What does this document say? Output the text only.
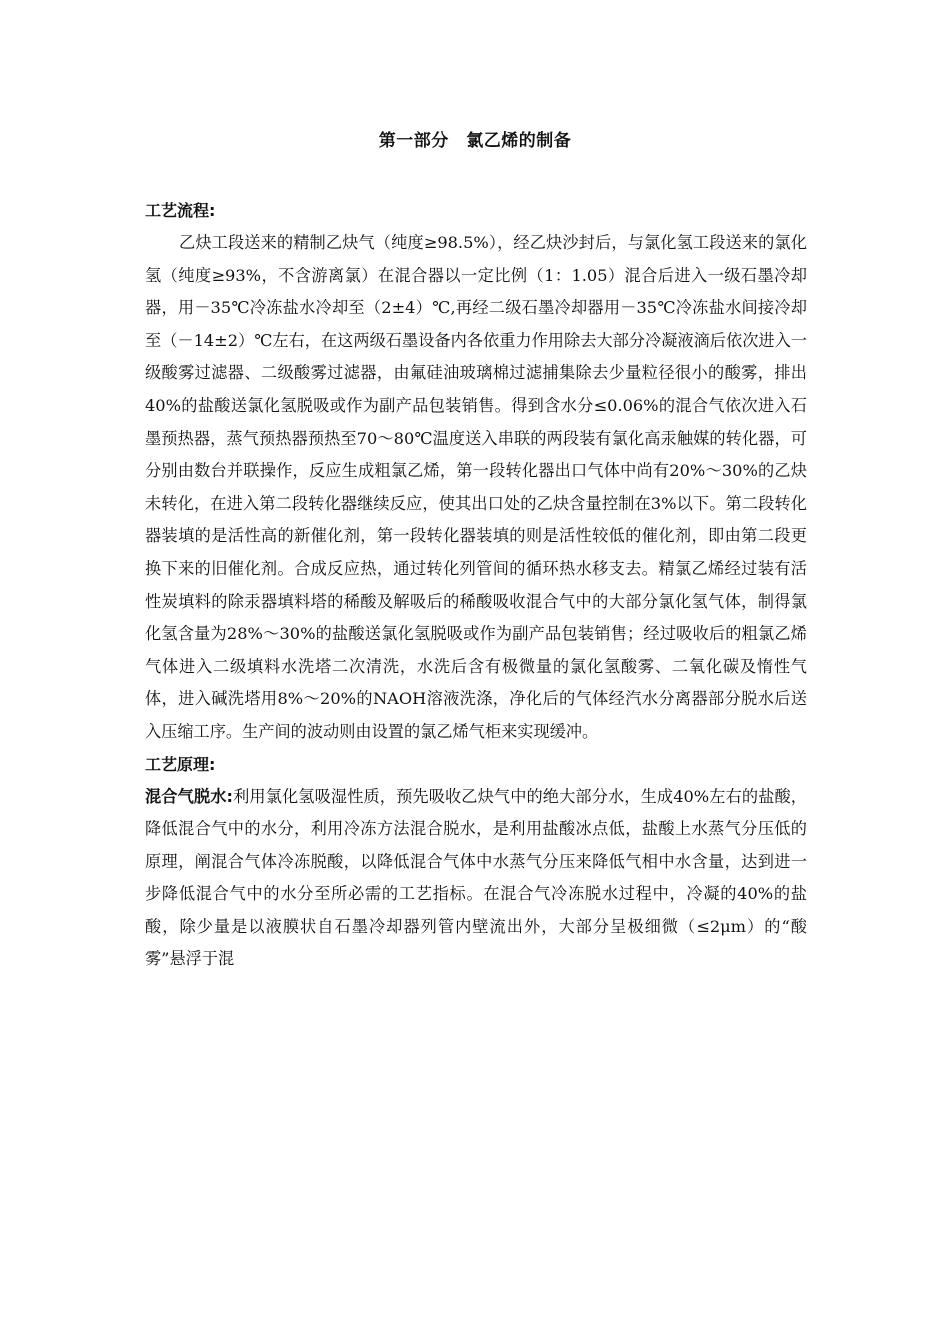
第一部分　氯乙烯的制备
工艺流程:

乙炔工段送来的精制乙炔气（纯度≥98.5%），经乙炔沙封后，与氯化氢工段送来的氯化氢（纯度≥93%，不含游离氯）在混合器以一定比例（1：1.05）混合后进入一级石墨冷却器，用－35℃冷冻盐水冷却至（2±4）℃,再经二级石墨冷却器用－35℃冷冻盐水间接冷却至（－14±2）℃左右，在这两级石墨设备内各依重力作用除去大部分冷凝液滴后依次进入一级酸雾过滤器、二级酸雾过滤器，由氟硅油玻璃棉过滤捕集除去少量粒径很小的酸雾，排出40%的盐酸送氯化氢脱吸或作为副产品包装销售。得到含水分≤0.06%的混合气依次进入石墨预热器，蒸气预热器预热至70～80℃温度送入串联的两段装有氯化高汞触媒的转化器，可分别由数台并联操作，反应生成粗氯乙烯，第一段转化器出口气体中尚有20%～30%的乙炔未转化，在进入第二段转化器继续反应，使其出口处的乙炔含量控制在3%以下。第二段转化器装填的是活性高的新催化剂，第一段转化器装填的则是活性较低的催化剂，即由第二段更换下来的旧催化剂。合成反应热，通过转化列管间的循环热水移支去。精氯乙烯经过装有活性炭填料的除汞器填料塔的稀酸及解吸后的稀酸吸收混合气中的大部分氯化氢气体，制得氯化氢含量为28%～30%的盐酸送氯化氢脱吸或作为副产品包装销售；经过吸收后的粗氯乙烯气体进入二级填料水洗塔二次清洗，水洗后含有极微量的氯化氢酸雾、二氧化碳及惰性气体，进入碱洗塔用8%～20%的NAOH溶液洗涤，净化后的气体经汽水分离器部分脱水后送入压缩工序。生产间的波动则由设置的氯乙烯气柜来实现缓冲。

工艺原理:

混合气脱水:利用氯化氢吸湿性质，预先吸收乙炔气中的绝大部分水，生成40%左右的盐酸，降低混合气中的水分，利用冷冻方法混合脱水，是利用盐酸冰点低，盐酸上水蒸气分压低的原理，阐混合气体冷冻脱酸，以降低混合气体中水蒸气分压来降低气相中水含量，达到进一步降低混合气中的水分至所必需的工艺指标。在混合气冷冻脱水过程中，冷凝的40%的盐酸，除少量是以液膜状自石墨冷却器列管内壁流出外，大部分呈极细微（≤2μm）的“酸雾”悬浮于混
